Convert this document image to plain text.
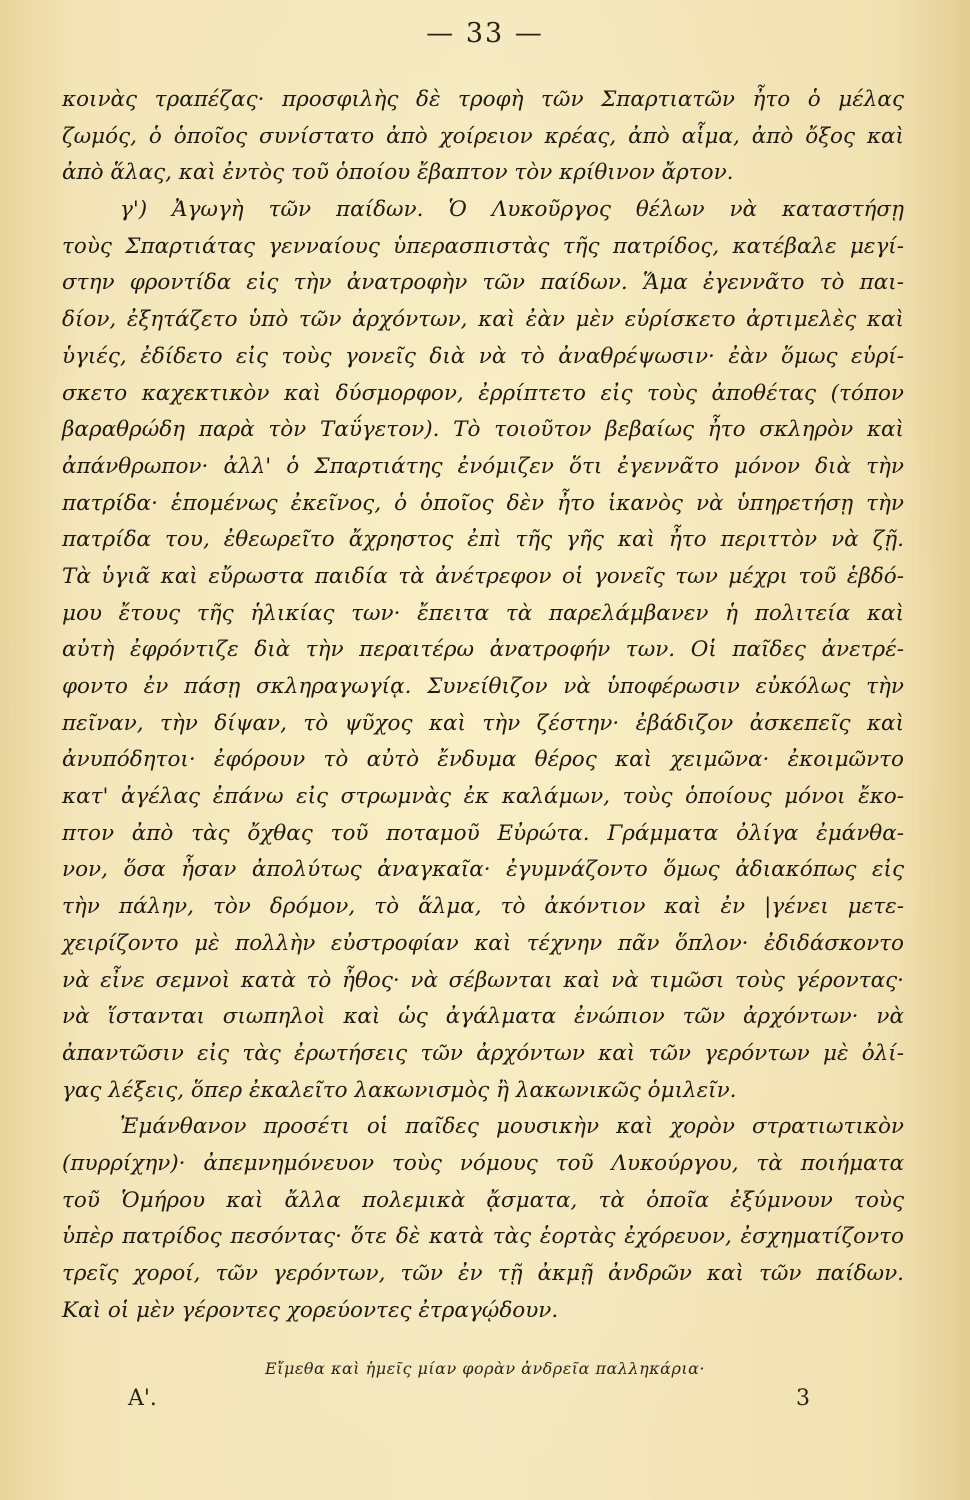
— 33 —
κοινὰς τραπέζας· προσφιλὴς δὲ τροφὴ τῶν Σπαρτιατῶν ἦτο ὁ μέλας
ζωμός, ὁ ὁποῖος συνίστατο ἀπὸ χοίρειον κρέας, ἀπὸ αἷμα, ἀπὸ ὄξος καὶ
ἀπὸ ἅλας, καὶ ἐντὸς τοῦ ὁποίου ἔβαπτον τὸν κρίθινον ἄρτον.
γ') Ἀγωγὴ τῶν παίδων. Ὁ Λυκοῦργος θέλων νὰ καταστήσῃ
τοὺς Σπαρτιάτας γενναίους ὑπερασπιστὰς τῆς πατρίδος, κατέβαλε μεγί-
στην φροντίδα εἰς τὴν ἀνατροφὴν τῶν παίδων. Ἅμα ἐγεννᾶτο τὸ παι-
δίον, ἐξητάζετο ὑπὸ τῶν ἀρχόντων, καὶ ἐὰν μὲν εὑρίσκετο ἀρτιμελὲς καὶ
ὑγιές, ἐδίδετο εἰς τοὺς γονεῖς διὰ νὰ τὸ ἀναθρέψωσιν· ἐὰν ὅμως εὑρί-
σκετο καχεκτικὸν καὶ δύσμορφον, ἐρρίπτετο εἰς τοὺς ἀποθέτας (τόπον
βαραθρώδη παρὰ τὸν Ταΰγετον). Τὸ τοιοῦτον βεβαίως ἦτο σκληρὸν καὶ
ἀπάνθρωπον· ἀλλ' ὁ Σπαρτιάτης ἐνόμιζεν ὅτι ἐγεννᾶτο μόνον διὰ τὴν
πατρίδα· ἑπομένως ἐκεῖνος, ὁ ὁποῖος δὲν ἦτο ἱκανὸς νὰ ὑπηρετήσῃ τὴν
πατρίδα του, ἐθεωρεῖτο ἄχρηστος ἐπὶ τῆς γῆς καὶ ἦτο περιττὸν νὰ ζῇ.
Τὰ ὑγιᾶ καὶ εὔρωστα παιδία τὰ ἀνέτρεφον οἱ γονεῖς των μέχρι τοῦ ἑβδό-
μου ἔτους τῆς ἡλικίας των· ἔπειτα τὰ παρελάμβανεν ἡ πολιτεία καὶ
αὐτὴ ἐφρόντιζε διὰ τὴν περαιτέρω ἀνατροφήν των. Οἱ παῖδες ἀνετρέ-
φοντο ἐν πάσῃ σκληραγωγίᾳ. Συνείθιζον νὰ ὑποφέρωσιν εὐκόλως τὴν
πεῖναν, τὴν δίψαν, τὸ ψῦχος καὶ τὴν ζέστην· ἐβάδιζον ἀσκεπεῖς καὶ
ἀνυπόδητοι· ἐφόρουν τὸ αὐτὸ ἔνδυμα θέρος καὶ χειμῶνα· ἐκοιμῶντο
κατ' ἀγέλας ἐπάνω εἰς στρωμνὰς ἐκ καλάμων, τοὺς ὁποίους μόνοι ἔκο-
πτον ἀπὸ τὰς ὄχθας τοῦ ποταμοῦ Εὐρώτα. Γράμματα ὀλίγα ἐμάνθα-
νον, ὅσα ἦσαν ἀπολύτως ἀναγκαῖα· ἐγυμνάζοντο ὅμως ἀδιακόπως εἰς
τὴν πάλην, τὸν δρόμον, τὸ ἅλμα, τὸ ἀκόντιον καὶ ἐν |γένει μετε-
χειρίζοντο μὲ πολλὴν εὐστροφίαν καὶ τέχνην πᾶν ὅπλον· ἐδιδάσκοντο
νὰ εἶνε σεμνοὶ κατὰ τὸ ἦθος· νὰ σέβωνται καὶ νὰ τιμῶσι τοὺς γέροντας·
νὰ ἵστανται σιωπηλοὶ καὶ ὡς ἀγάλματα ἐνώπιον τῶν ἀρχόντων· νὰ
ἀπαντῶσιν εἰς τὰς ἐρωτήσεις τῶν ἀρχόντων καὶ τῶν γερόντων μὲ ὀλί-
γας λέξεις, ὅπερ ἐκαλεῖτο λακωνισμὸς ἢ λακωνικῶς ὁμιλεῖν.
Ἐμάνθανον προσέτι οἱ παῖδες μουσικὴν καὶ χορὸν στρατιωτικὸν
(πυρρίχην)· ἀπεμνημόνευον τοὺς νόμους τοῦ Λυκούργου, τὰ ποιήματα
τοῦ Ὁμήρου καὶ ἄλλα πολεμικὰ ᾄσματα, τὰ ὁποῖα ἐξύμνουν τοὺς
ὑπὲρ πατρίδος πεσόντας· ὅτε δὲ κατὰ τὰς ἑορτὰς ἐχόρευον, ἐσχηματίζοντο
τρεῖς χοροί, τῶν γερόντων, τῶν ἐν τῇ ἀκμῇ ἀνδρῶν καὶ τῶν παίδων.
Καὶ οἱ μὲν γέροντες χορεύοντες ἐτραγῴδουν.
Εἴμεθα καὶ ἡμεῖς μίαν φορὰν ἀνδρεῖα παλληκάρια·
Α'.	3
